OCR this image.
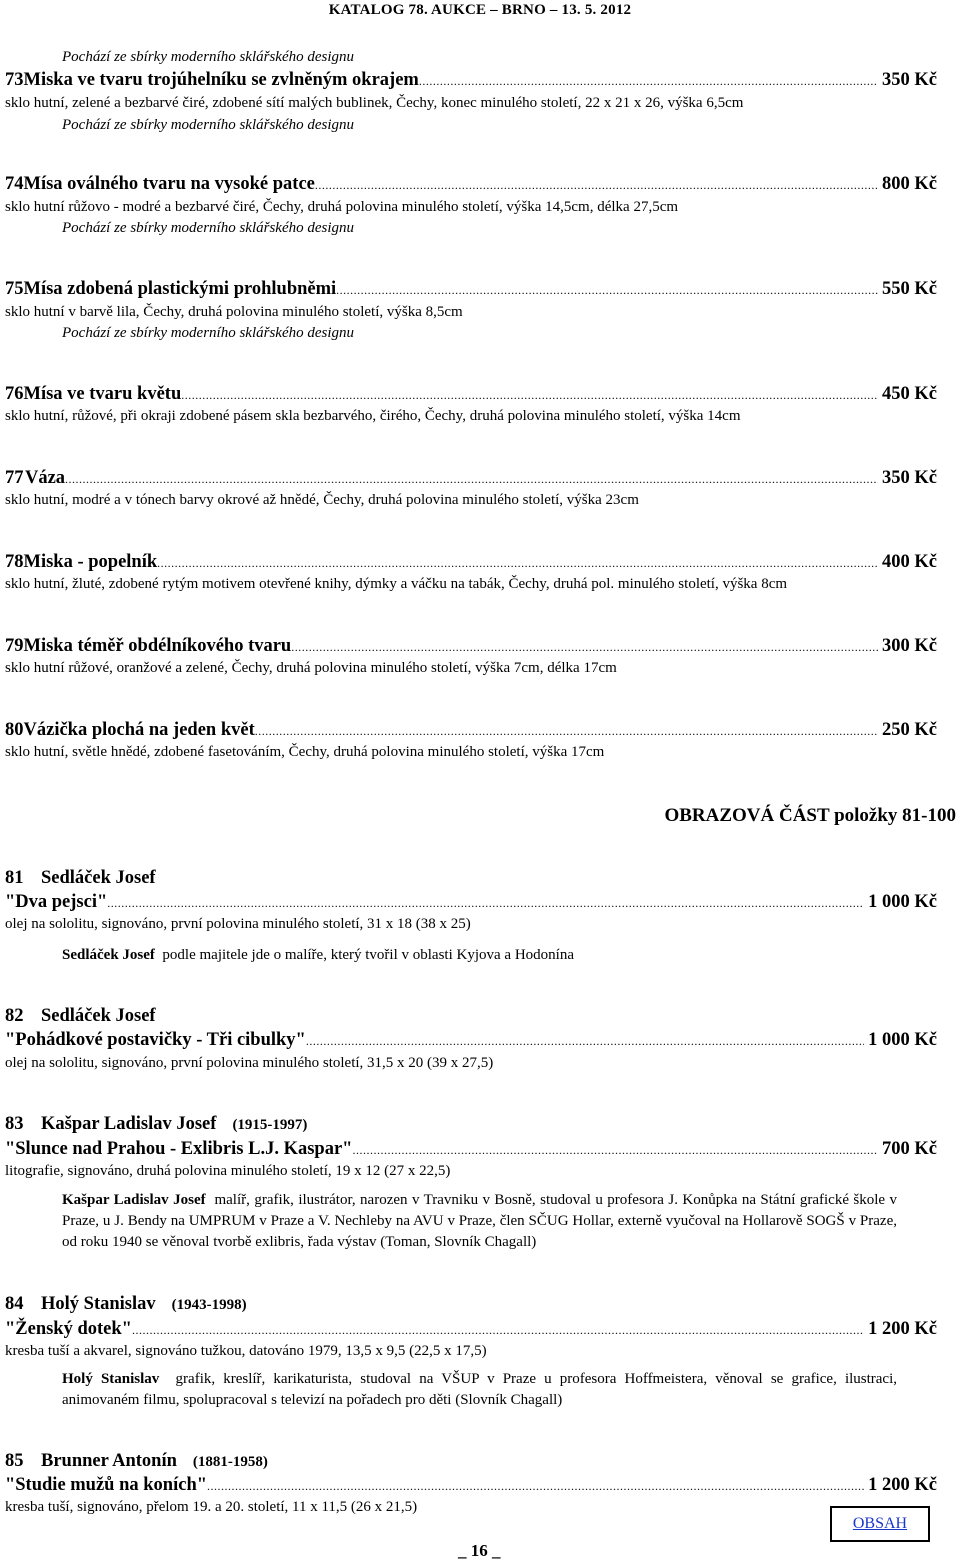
KATALOG 78. AUKCE – BRNO – 13. 5. 2012
Pochází ze sbírky moderního sklářského designu
73 Miska ve tvaru trojúhelníku se zvlněným okrajem .....	350 Kč
sklo hutní, zelené a bezbarvé čiré, zdobené sítí malých bublinek, Čechy, konec minulého století, 22 x 21 x 26, výška 6,5cm
Pochází ze sbírky moderního sklářského designu
74 Mísa oválného tvaru na vysoké patce .....	800 Kč
sklo hutní růžovo - modré a bezbarvé čiré, Čechy, druhá polovina minulého století, výška 14,5cm, délka 27,5cm
Pochází ze sbírky moderního sklářského designu
75 Mísa zdobená plastickými prohlubněmi .....	550 Kč
sklo hutní v barvě lila, Čechy, druhá polovina minulého století, výška 8,5cm
Pochází ze sbírky moderního sklářského designu
76 Mísa ve tvaru květu .....	450 Kč
sklo hutní, růžové, při okraji zdobené pásem skla bezbarvého, čirého, Čechy, druhá polovina minulého století, výška 14cm
77 Váza .....	350 Kč
sklo hutní, modré a v tónech barvy okrové až hnědé, Čechy, druhá polovina minulého století, výška 23cm
78 Miska - popelník .....	400 Kč
sklo hutní, žluté, zdobené rytým motivem otevřené knihy, dýmky a váčku na tabák, Čechy, druhá pol. minulého století, výška 8cm
79 Miska téměř obdélníkového tvaru .....	300 Kč
sklo hutní růžové, oranžové a zelené, Čechy, druhá polovina minulého století, výška 7cm, délka 17cm
80 Vázička plochá na jeden květ .....	250 Kč
sklo hutní, světle hnědé, zdobené fasetováním, Čechy, druhá polovina minulého století, výška 17cm
OBRAZOVÁ ČÁST položky 81-100
81 Sedláček Josef
"Dva pejsci" .....	1 000 Kč
olej na sololitu, signováno, první polovina minulého století, 31 x 18 (38 x 25)
Sedláček Josef podle majitele jde o malíře, který tvořil v oblasti Kyjova a Hodonína
82 Sedláček Josef
"Pohádkové postavičky - Tři cibulky" .....	1 000 Kč
olej na sololitu, signováno, první polovina minulého století, 31,5 x 20 (39 x 27,5)
83 Kašpar Ladislav Josef (1915-1997)
"Slunce nad Prahou - Exlibris L.J. Kaspar" .....	700 Kč
litografie, signováno, druhá polovina minulého století, 19 x 12 (27 x 22,5)
Kašpar Ladislav Josef malíř, grafik, ilustrátor, narozen v Travniku v Bosně, studoval u profesora J. Konůpka na Státní grafické škole v Praze, u J. Bendy na UMPRUM v Praze a V. Nechleby na AVU v Praze, člen SČUG Hollar, externě vyučoval na Hollarově SOGŠ v Praze, od roku 1940 se věnoval tvorbě exlibris, řada výstav (Toman, Slovník Chagall)
84 Holý Stanislav (1943-1998)
"Ženský dotek" .....	1 200 Kč
kresba tuší a akvarel, signováno tužkou, datováno 1979, 13,5 x 9,5 (22,5 x 17,5)
Holý Stanislav grafik, kreslíř, karikaturista, studoval na VŠUP v Praze u profesora Hoffmeistera, věnoval se grafice, ilustraci, animovaném filmu, spolupracoval s televizí na pořadech pro děti (Slovník Chagall)
85 Brunner Antonín (1881-1958)
"Studie mužů na koních" .....	1 200 Kč
kresba tuší, signováno, přelom 19. a 20. století, 11 x 11,5 (26 x 21,5)
OBSAH
_ 16 _
